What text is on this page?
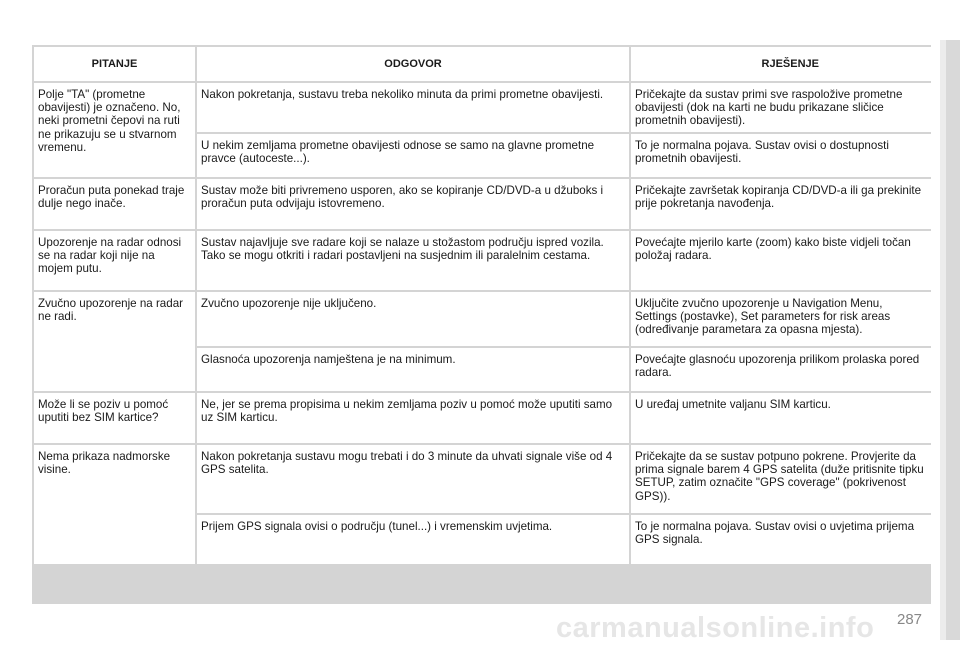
PITANJE	ODGOVOR	RJEŠENJE
Polje "TA" (prometne obavijesti) je označeno. No, neki prometni čepovi na ruti ne prikazuju se u stvarnom vremenu.	Nakon pokretanja, sustavu treba nekoliko minuta da primi prometne obavijesti.	Pričekajte da sustav primi sve raspoložive prometne obavijesti (dok na karti ne budu prikazane sličice prometnih obavijesti).
	U nekim zemljama prometne obavijesti odnose se samo na glavne prometne pravce (autoceste...).	To je normalna pojava. Sustav ovisi o dostupnosti prometnih obavijesti.
Proračun puta ponekad traje dulje nego inače.	Sustav može biti privremeno usporen, ako se kopiranje CD/DVD-a u džuboks i proračun puta odvijaju istovremeno.	Pričekajte završetak kopiranja CD/DVD-a ili ga prekinite prije pokretanja navođenja.
Upozorenje na radar odnosi se na radar koji nije na mojem putu.	Sustav najavljuje sve radare koji se nalaze u stožastom području ispred vozila. Tako se mogu otkriti i radari postavljeni na susjednim ili paralelnim cestama.	Povećajte mjerilo karte (zoom) kako biste vidjeli točan položaj radara.
Zvučno upozorenje na radar ne radi.	Zvučno upozorenje nije uključeno.	Uključite zvučno upozorenje u Navigation Menu, Settings (postavke), Set parameters for risk areas (određivanje parametara za opasna mjesta).
	Glasnoća upozorenja namještena je na minimum.	Povećajte glasnoću upozorenja prilikom prolaska pored radara.
Može li se poziv u pomoć uputiti bez SIM kartice?	Ne, jer se prema propisima u nekim zemljama poziv u pomoć može uputiti samo uz SIM karticu.	U uređaj umetnite valjanu SIM karticu.
Nema prikaza nadmorske visine.	Nakon pokretanja sustavu mogu trebati i do 3 minute da uhvati signale više od 4 GPS satelita.	Pričekajte da se sustav potpuno pokrene. Provjerite da prima signale barem 4 GPS satelita (duže pritisnite tipku SETUP, zatim označite "GPS coverage" (pokrivenost GPS)).
	Prijem GPS signala ovisi o području (tunel...) i vremenskim uvjetima.	To je normalna pojava. Sustav ovisi o uvjetima prijema GPS signala.
carmanualsonline.info 287
